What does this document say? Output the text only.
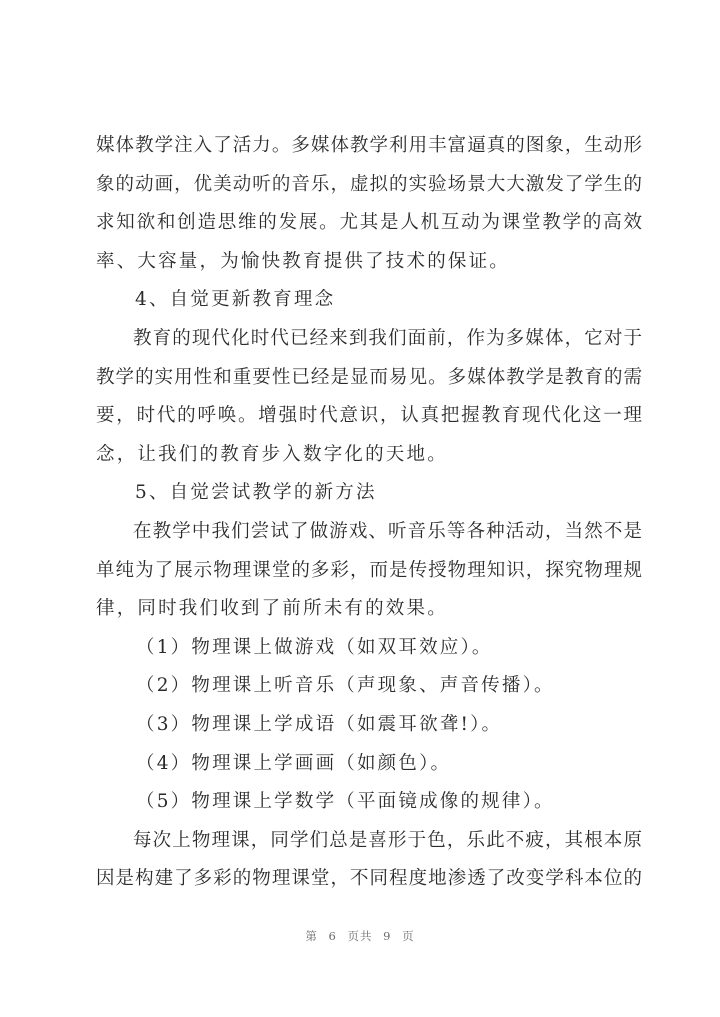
媒体教学注入了活力。多媒体教学利用丰富逼真的图象，生动形
象的动画，优美动听的音乐，虚拟的实验场景大大激发了学生的
求知欲和创造思维的发展。尤其是人机互动为课堂教学的高效
率、大容量，为愉快教育提供了技术的保证。
4、自觉更新教育理念
教育的现代化时代已经来到我们面前，作为多媒体，它对于
教学的实用性和重要性已经是显而易见。多媒体教学是教育的需
要，时代的呼唤。增强时代意识，认真把握教育现代化这一理
念，让我们的教育步入数字化的天地。
5、自觉尝试教学的新方法
在教学中我们尝试了做游戏、听音乐等各种活动，当然不是
单纯为了展示物理课堂的多彩，而是传授物理知识，探究物理规
律，同时我们收到了前所未有的效果。
（1）物理课上做游戏（如双耳效应）。
（2）物理课上听音乐（声现象、声音传播）。
（3）物理课上学成语（如震耳欲聋!）。
（4）物理课上学画画（如颜色）。
（5）物理课上学数学（平面镜成像的规律）。
每次上物理课，同学们总是喜形于色，乐此不疲，其根本原
因是构建了多彩的物理课堂，不同程度地渗透了改变学科本位的
第 6 页共 9 页
